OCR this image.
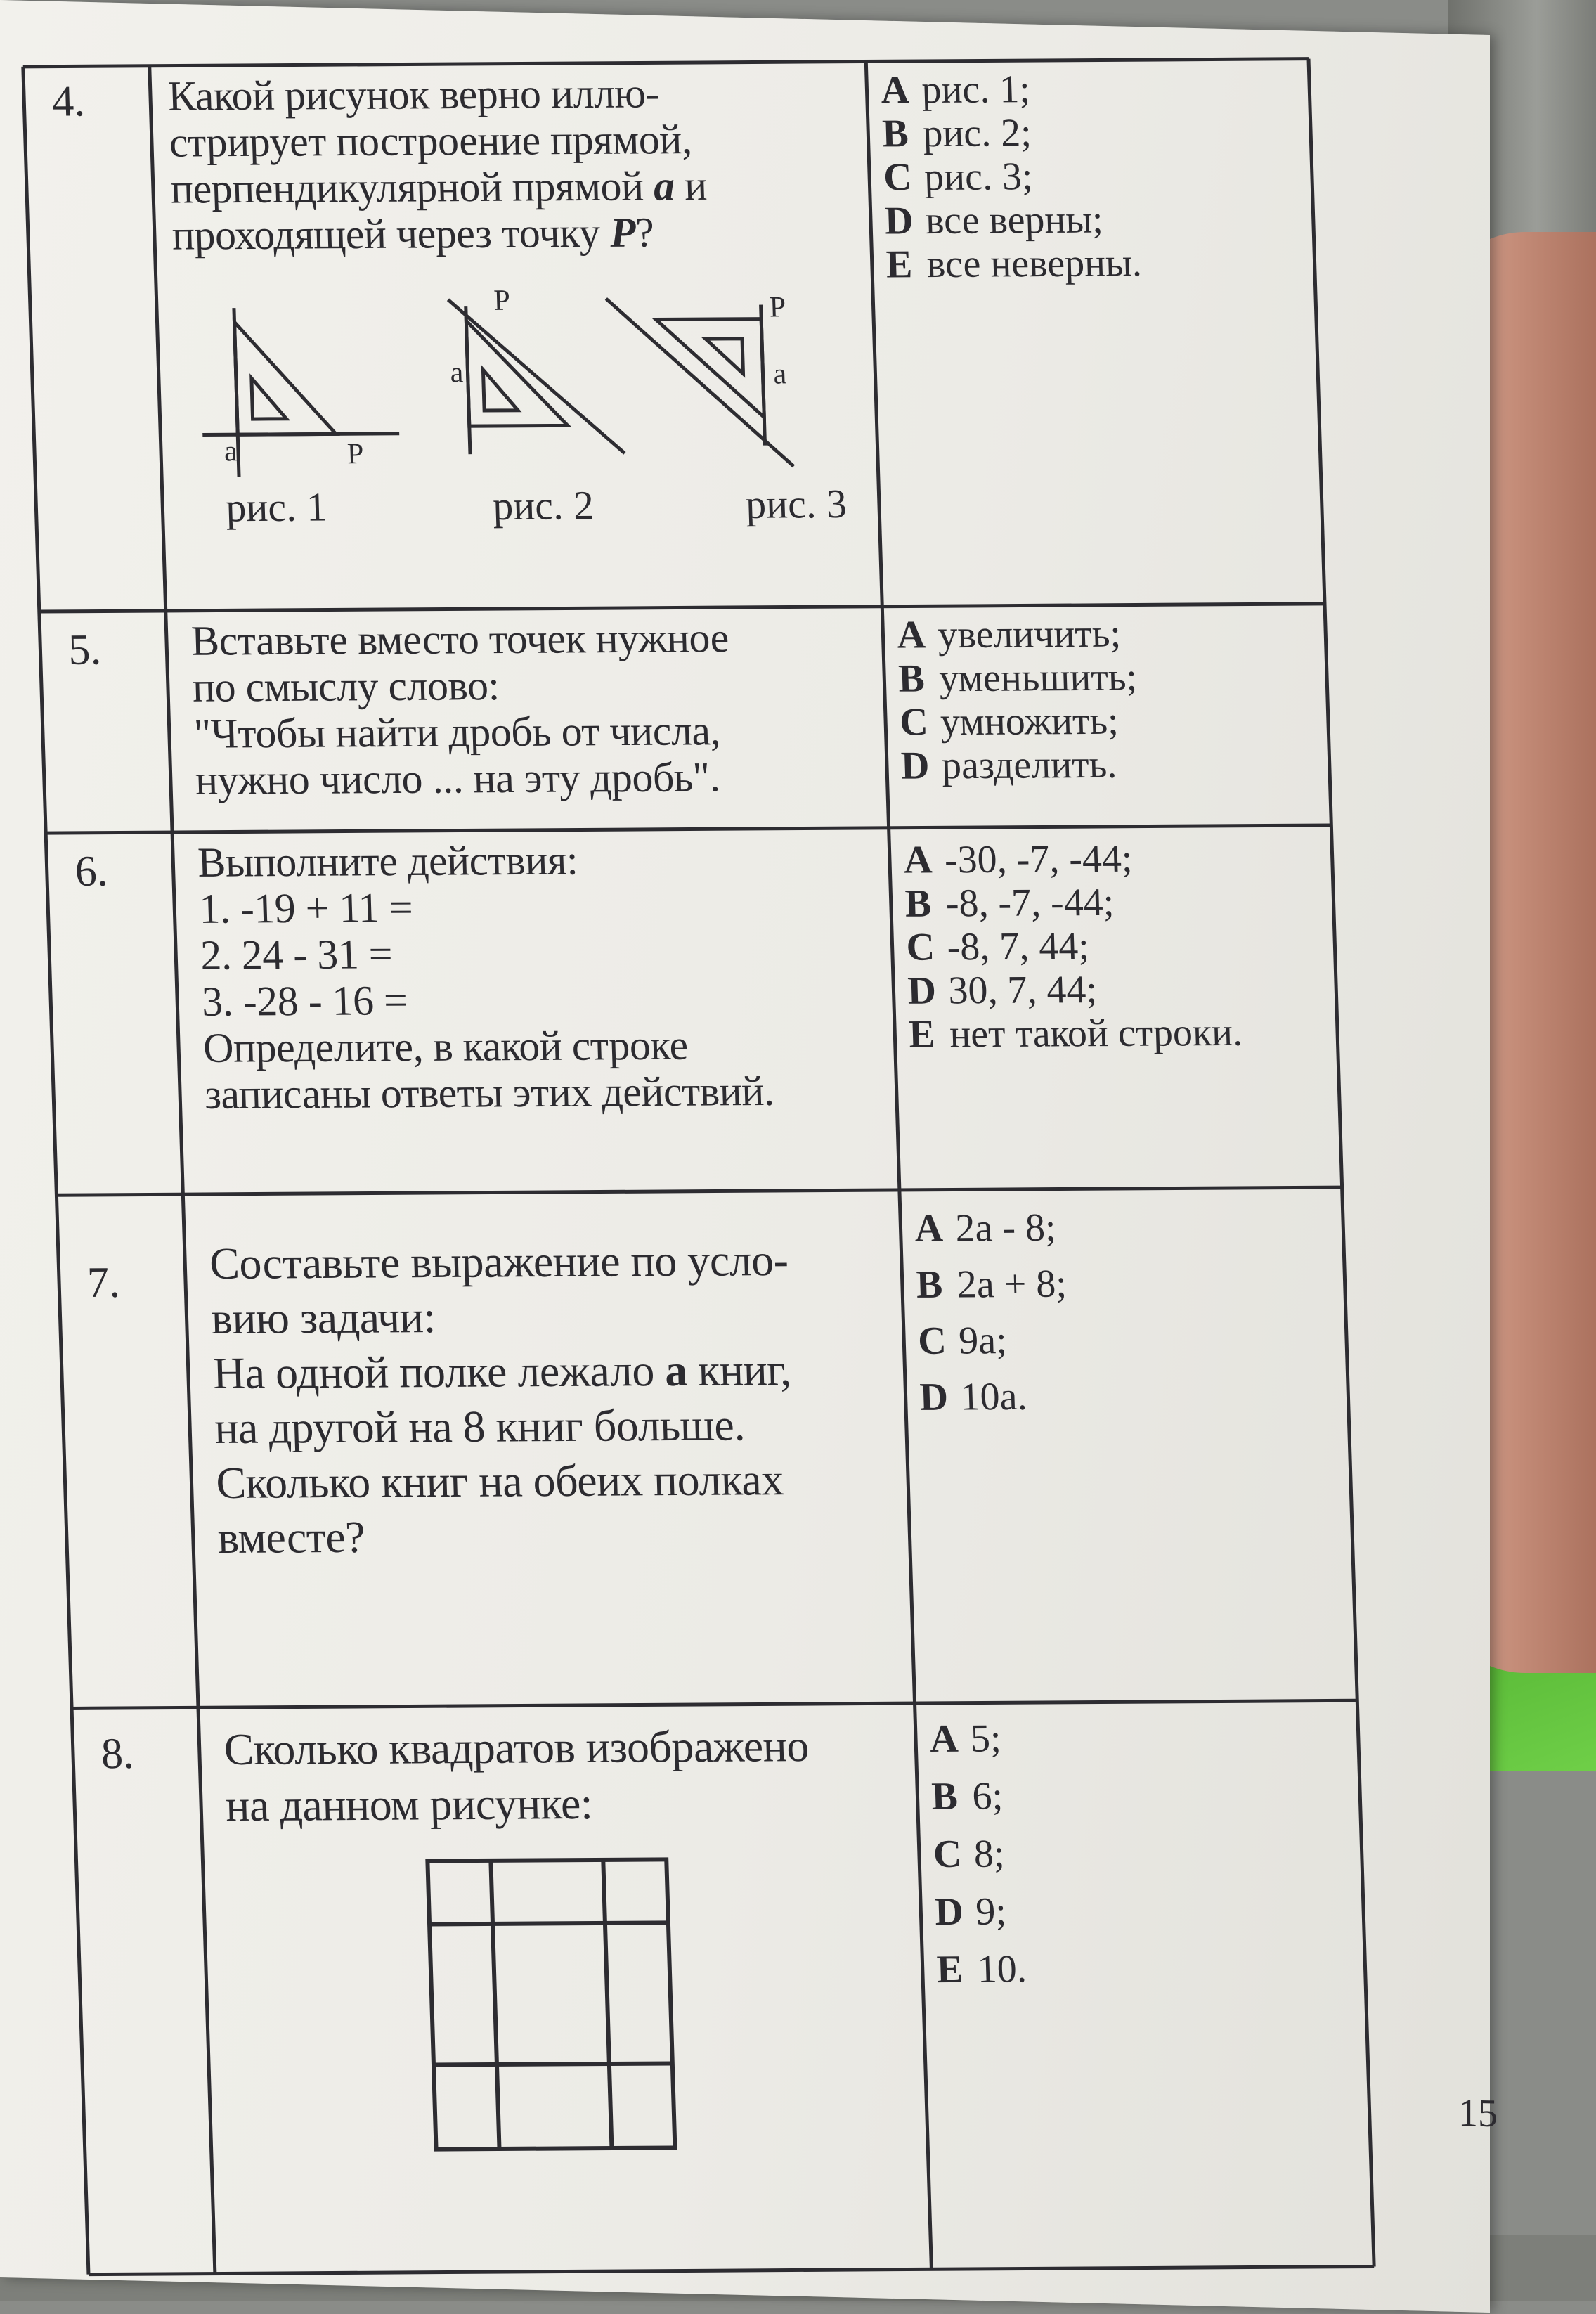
4. Какой рисунок верно иллю-
стрирует построение прямой,
перпендикулярной прямой a и
проходящей через точку P?
a	P
a
P
a
P
рис. 1	рис. 2	рис. 3
A рис. 1;
B рис. 2;
C рис. 3;
D все верны;
E все неверны.
5. Вставьте вместо точек нужное
по смыслу слово:
"Чтобы найти дробь от числа,
нужно число ... на эту дробь".
A увеличить;
B уменьшить;
C умножить;
D разделить.
6. Выполните действия:
1. -19 + 11 =
2. 24 - 31 =
3. -28 - 16 =
Определите, в какой строке
записаны ответы этих действий.
A -30, -7, -44;
B -8, -7, -44;
C -8, 7, 44;
D 30, 7, 44;
E нет такой строки.
7. Составьте выражение по усло-
вию задачи:
На одной полке лежало а книг,
на другой на 8 книг больше.
Сколько книг на обеих полках
вместе?
A 2a - 8;
B 2a + 8;
C 9a;
D 10a.
8. Сколько квадратов изображено
на данном рисунке:
A 5;
B 6;
C 8;
D 9;
E 10.
15
